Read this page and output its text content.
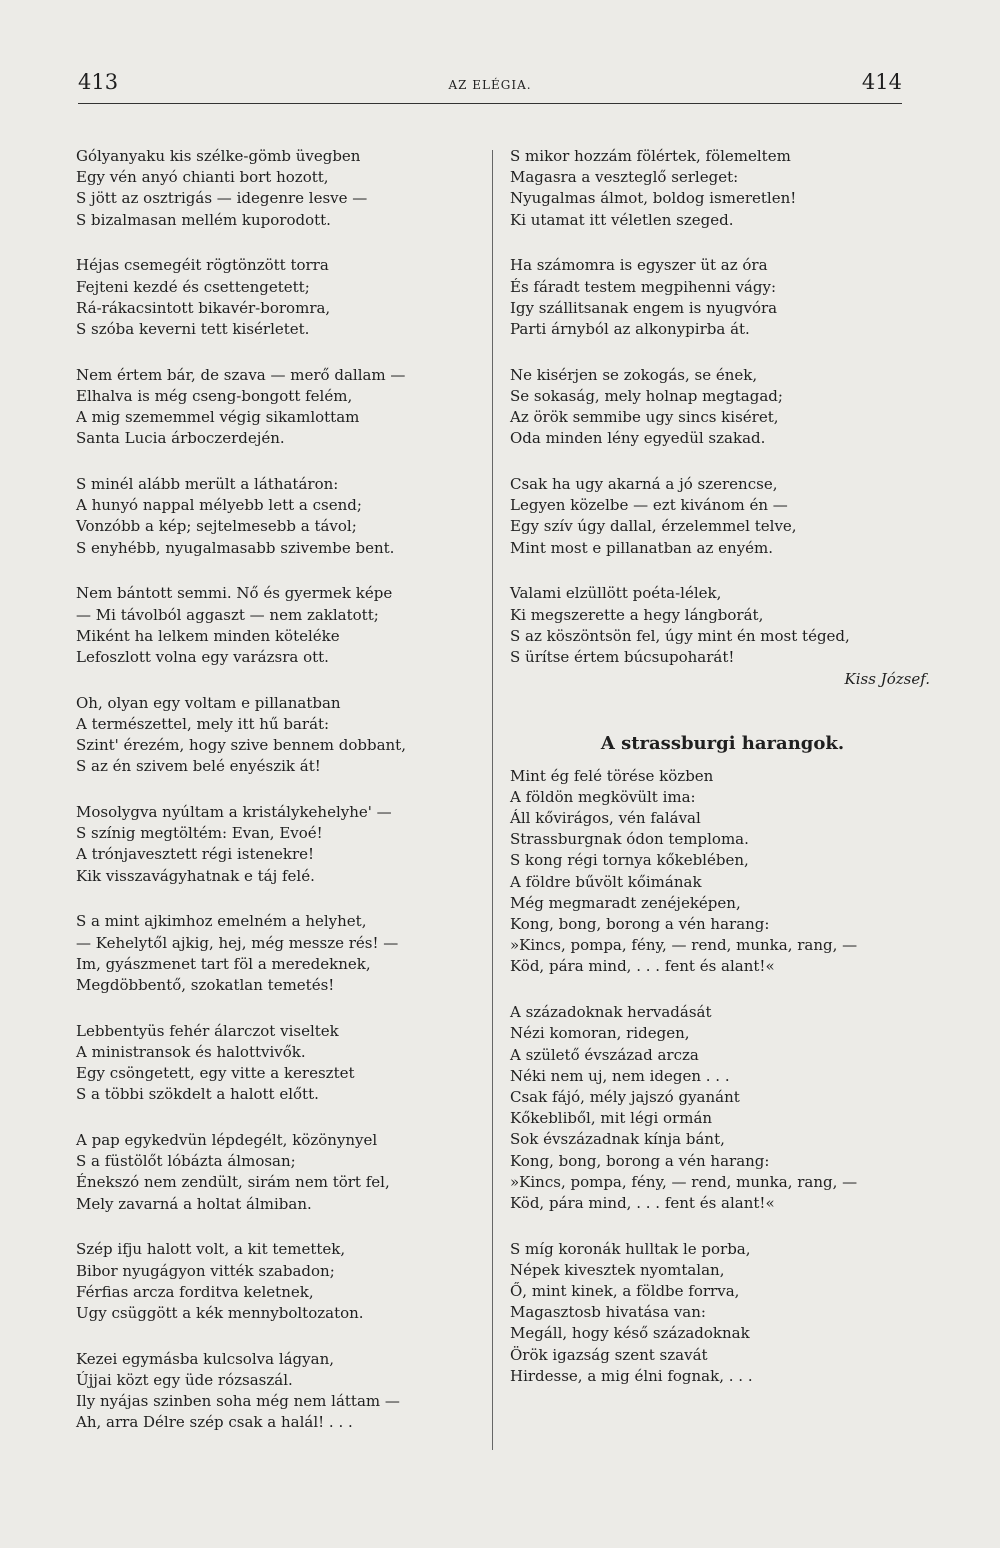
413	AZ ELÉGIA.	414
Gólyanyaku kis szélke-gömb üvegben
Egy vén anyó chianti bort hozott,
S jött az osztrigás — idegenre lesve —
S bizalmasan mellém kuporodott.
Héjas csemegéit rögtönzött torra
Fejteni kezdé és csettengetett;
Rá-rákacsintott bikavér-boromra,
S szóba keverni tett kisérletet.
Nem értem bár, de szava — merő dallam —
Elhalva is még cseng-bongott felém,
A mig szememmel végig sikamlottam
Santa Lucia árboczerdején.
S minél alább merült a láthatáron:
A hunyó nappal mélyebb lett a csend;
Vonzóbb a kép; sejtelmesebb a távol;
S enyhébb, nyugalmasabb szivembe bent.
Nem bántott semmi. Nő és gyermek képe
— Mi távolból aggaszt — nem zaklatott;
Miként ha lelkem minden köteléke
Lefoszlott volna egy varázsra ott.
Oh, olyan egy voltam e pillanatban
A természettel, mely itt hű barát:
Szint' érezém, hogy szive bennem dobbant,
S az én szivem belé enyészik át!
Mosolygva nyúltam a kristálykehelyhe' —
S színig megtöltém: Evan, Evoé!
A trónjavesztett régi istenekre!
Kik visszavágyhatnak e táj felé.
S a mint ajkimhoz emelném a helyhet,
— Kehelytől ajkig, hej, még messze rés! —
Im, gyászmenet tart föl a meredeknek,
Megdöbbentő, szokatlan temetés!
Lebbentyüs fehér álarczot viseltek
A ministransok és halottvivők.
Egy csöngetett, egy vitte a keresztet
S a többi szökdelt a halott előtt.
A pap egykedvün lépdegélt, közönynyel
S a füstölőt lóbázta álmosan;
Énekszó nem zendült, sirám nem tört fel,
Mely zavarná a holtat álmiban.
Szép ifju halott volt, a kit temettek,
Bibor nyugágyon vitték szabadon;
Férfias arcza forditva keletnek,
Ugy csüggött a kék mennyboltozaton.
Kezei egymásba kulcsolva lágyan,
Újjai közt egy üde rózsaszál.
Ily nyájas szinben soha még nem láttam —
Ah, arra Délre szép csak a halál! . . .
S mikor hozzám fölértek, fölemeltem
Magasra a veszteglő serleget:
Nyugalmas álmot, boldog ismeretlen!
Ki utamat itt véletlen szeged.
Ha számomra is egyszer üt az óra
És fáradt testem megpihenni vágy:
Igy szállitsanak engem is nyugvóra
Parti árnyból az alkonypirba át.
Ne kisérjen se zokogás, se ének,
Se sokaság, mely holnap megtagad;
Az örök semmibe ugy sincs kiséret,
Oda minden lény egyedül szakad.
Csak ha ugy akarná a jó szerencse,
Legyen közelbe — ezt kivánom én —
Egy szív úgy dallal, érzelemmel telve,
Mint most e pillanatban az enyém.
Valami elzüllött poéta-lélek,
Ki megszerette a hegy lángborát,
S az köszöntsön fel, úgy mint én most téged,
S ürítse értem búcsupoharát!
Kiss József.
A strassburgi harangok.
Mint ég felé törése közben
A földön megkövült ima:
Áll kővirágos, vén falával
Strassburgnak ódon temploma.
S kong régi tornya kőkeblében,
A földre bűvölt kőimának
Még megmaradt zenéjeképen,
Kong, bong, borong a vén harang:
»Kincs, pompa, fény, — rend, munka, rang, —
Köd, pára mind, . . . fent és alant!«
A századoknak hervadását
Nézi komoran, ridegen,
A születő évszázad arcza
Néki nem uj, nem idegen . . .
Csak fájó, mély jajszó gyanánt
Kőkebliből, mit légi ormán
Sok évszázadnak kínja bánt,
Kong, bong, borong a vén harang:
»Kincs, pompa, fény, — rend, munka, rang, —
Köd, pára mind, . . . fent és alant!«
S míg koronák hulltak le porba,
Népek kivesztek nyomtalan,
Ő, mint kinek, a földbe forrva,
Magasztosb hivatása van:
Megáll, hogy késő századoknak
Örök igazság szent szavát
Hirdesse, a mig élni fognak, . . .
